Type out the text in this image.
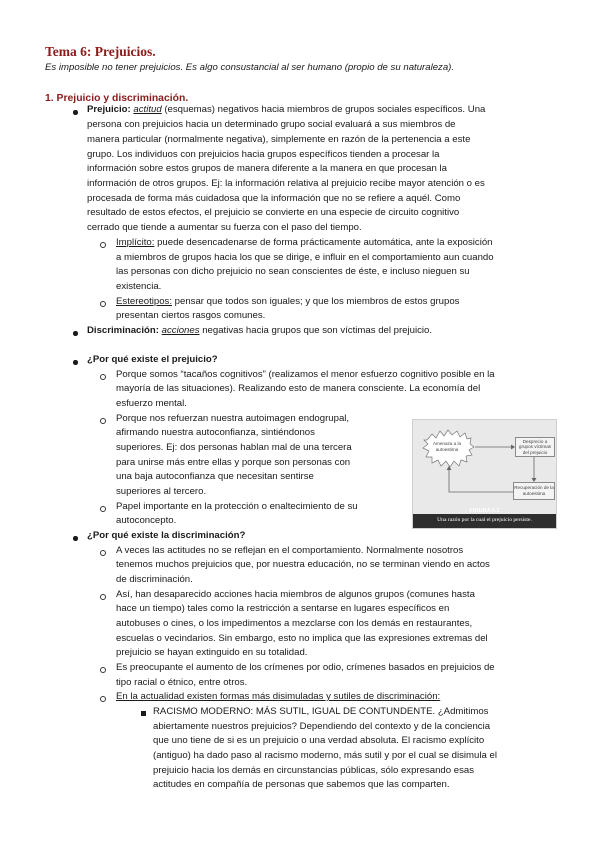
Tema 6: Prejuicios.
Es imposible no tener prejuicios. Es algo consustancial al ser humano (propio de su naturaleza).
1. Prejuicio y discriminación.
Prejuicio: actitud (esquemas) negativos hacia miembros de grupos sociales específicos. Una
persona con prejuicios hacia un determinado grupo social evaluará a sus miembros de
manera particular (normalmente negativa), simplemente en razón de la pertenencia a este
grupo. Los individuos con prejuicios hacia grupos específicos tienden a procesar la
información sobre estos grupos de manera diferente a la manera en que procesan la
información de otros grupos. Ej: la información relativa al prejuicio recibe mayor atención o es
procesada de forma más cuidadosa que la información que no se refiere a aquél. Como
resultado de estos efectos, el prejuicio se convierte en una especie de circuito cognitivo
cerrado que tiende a aumentar su fuerza con el paso del tiempo.
Implícito: puede desencadenarse de forma prácticamente automática, ante la exposición
a miembros de grupos hacia los que se dirige, e influir en el comportamiento aun cuando
las personas con dicho prejuicio no sean conscientes de éste, e incluso nieguen su
existencia.
Estereotipos: pensar que todos son iguales; y que los miembros de estos grupos
presentan ciertos rasgos comunes.
Discriminación: acciones negativas hacia grupos que son víctimas del prejuicio.
¿Por qué existe el prejuicio?
Porque somos “tacaños cognitivos” (realizamos el menor esfuerzo cognitivo posible en la
mayoría de las situaciones). Realizando esto de manera consciente. La economía del
esfuerzo mental.
Porque nos refuerzan nuestra autoimagen endogrupal,
afirmando nuestra autoconfianza, sintiéndonos
superiores. Ej: dos personas hablan mal de una tercera
para unirse más entre ellas y porque son personas con
una baja autoconfianza que necesitan sentirse
superiores al tercero.
Papel importante en la protección o enaltecimiento de su
autoconcepto.
Amenaza a la autoestima
Desprecio a grupos víctimas del prejuicio
Recuperación de la autoestima
FIGURA 6.2
Una razón por la cual el prejuicio persiste.
¿Por qué existe la discriminación?
A veces las actitudes no se reflejan en el comportamiento. Normalmente nosotros
tenemos muchos prejuicios que, por nuestra educación, no se terminan viendo en actos
de discriminación.
Así, han desaparecido acciones hacia miembros de algunos grupos (comunes hasta
hace un tiempo) tales como la restricción a sentarse en lugares específicos en
autobuses o cines, o los impedimentos a mezclarse con los demás en restaurantes,
escuelas o vecindarios. Sin embargo, esto no implica que las expresiones extremas del
prejuicio se hayan extinguido en su totalidad.
Es preocupante el aumento de los crímenes por odio, crímenes basados en prejuicios de
tipo racial o étnico, entre otros.
En la actualidad existen formas más disimuladas y sutiles de discriminación:
RACISMO MODERNO: MÁS SUTIL, IGUAL DE CONTUNDENTE. ¿Admitimos
abiertamente nuestros prejuicios? Dependiendo del contexto y de la conciencia
que uno tiene de si es un prejuicio o una verdad absoluta. El racismo explícito
(antiguo) ha dado paso al racismo moderno, más sutil y por el cual se disimula el
prejuicio hacia los demás en circunstancias públicas, sólo expresando esas
actitudes en compañía de personas que sabemos que las comparten.
